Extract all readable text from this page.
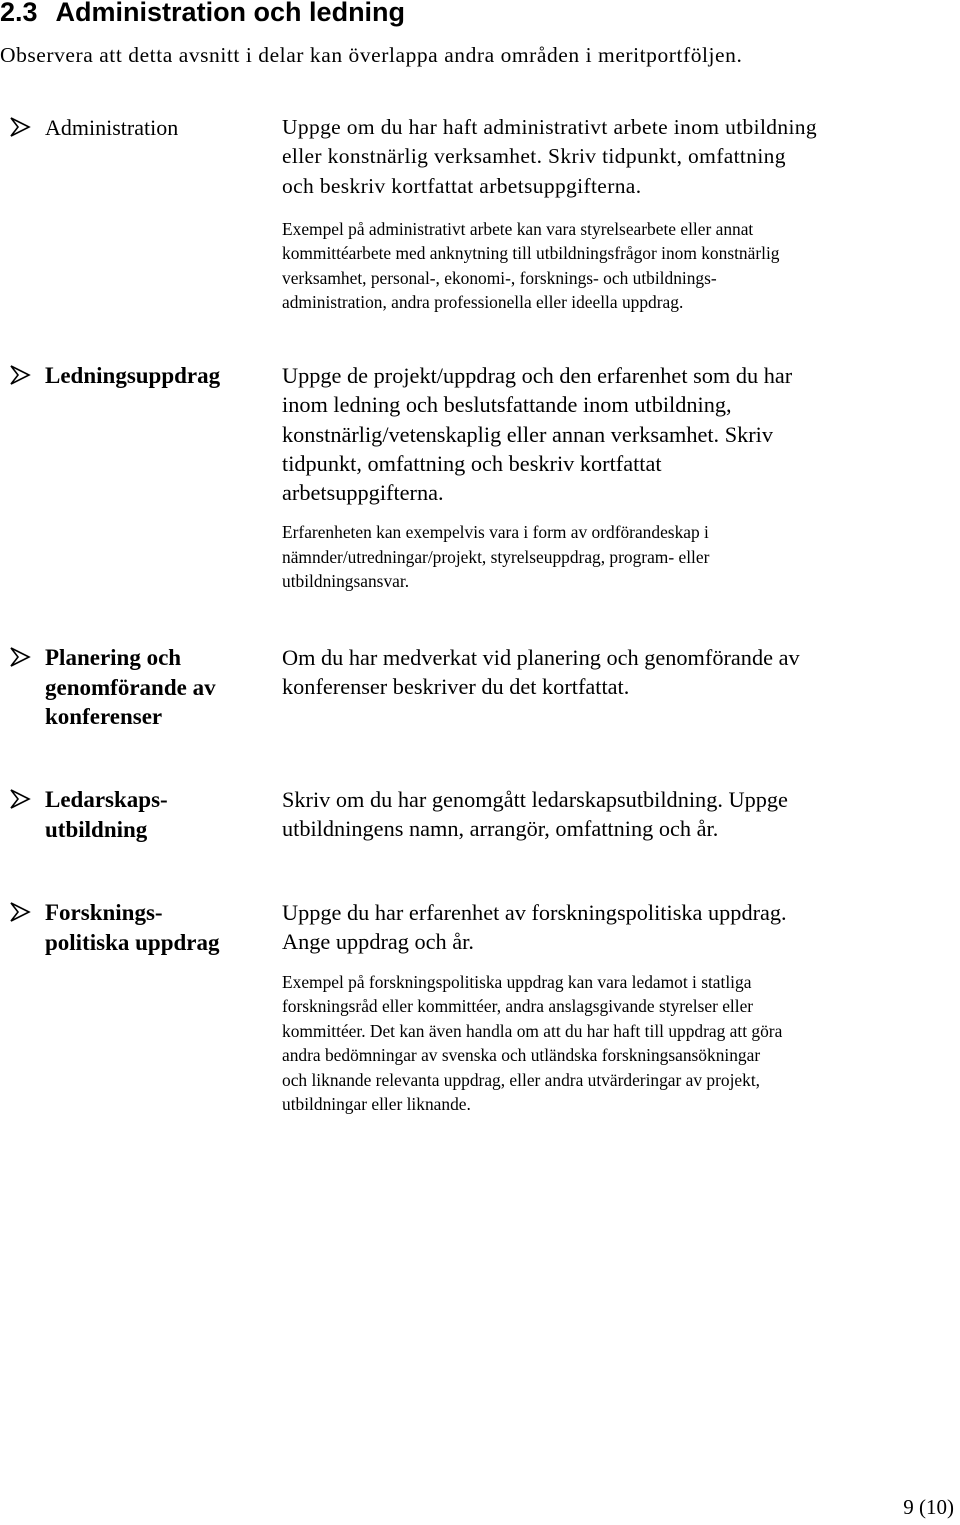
2.3 Administration och ledning
Observera att detta avsnitt i delar kan överlappa andra områden i meritportföljen.
Administration	Uppge om du har haft administrativt arbete inom utbildning
eller konstnärlig verksamhet. Skriv tidpunkt, omfattning
och beskriv kortfattat arbetsuppgifterna.

Exempel på administrativt arbete kan vara styrelsearbete eller annat
kommittéarbete med anknytning till utbildningsfrågor inom konstnärlig
verksamhet, personal-, ekonomi-, forsknings- och utbildnings-
administration, andra professionella eller ideella uppdrag.

Ledningsuppdrag	Uppge de projekt/uppdrag och den erfarenhet som du har
inom ledning och beslutsfattande inom utbildning,
konstnärlig/vetenskaplig eller annan verksamhet. Skriv
tidpunkt, omfattning och beskriv kortfattat
arbetsuppgifterna.

Erfarenheten kan exempelvis vara i form av ordförandeskap i
nämnder/utredningar/projekt, styrelseuppdrag, program- eller
utbildningsansvar.

Planering och
genomförande av
konferenser

Om du har medverkat vid planering och genomförande av
konferenser beskriver du det kortfattat.

Ledarskaps-
utbildning

Skriv om du har genomgått ledarskapsutbildning. Uppge
utbildningens namn, arrangör, omfattning och år.

Forsknings-
politiska uppdrag

Uppge du har erfarenhet av forskningspolitiska uppdrag.
Ange uppdrag och år.

Exempel på forskningspolitiska uppdrag kan vara ledamot i statliga
forskningsråd eller kommittéer, andra anslagsgivande styrelser eller
kommittéer. Det kan även handla om att du har haft till uppdrag att göra
andra bedömningar av svenska och utländska forskningsansökningar
och liknande relevanta uppdrag, eller andra utvärderingar av projekt,
utbildningar eller liknande.

9 (10)
